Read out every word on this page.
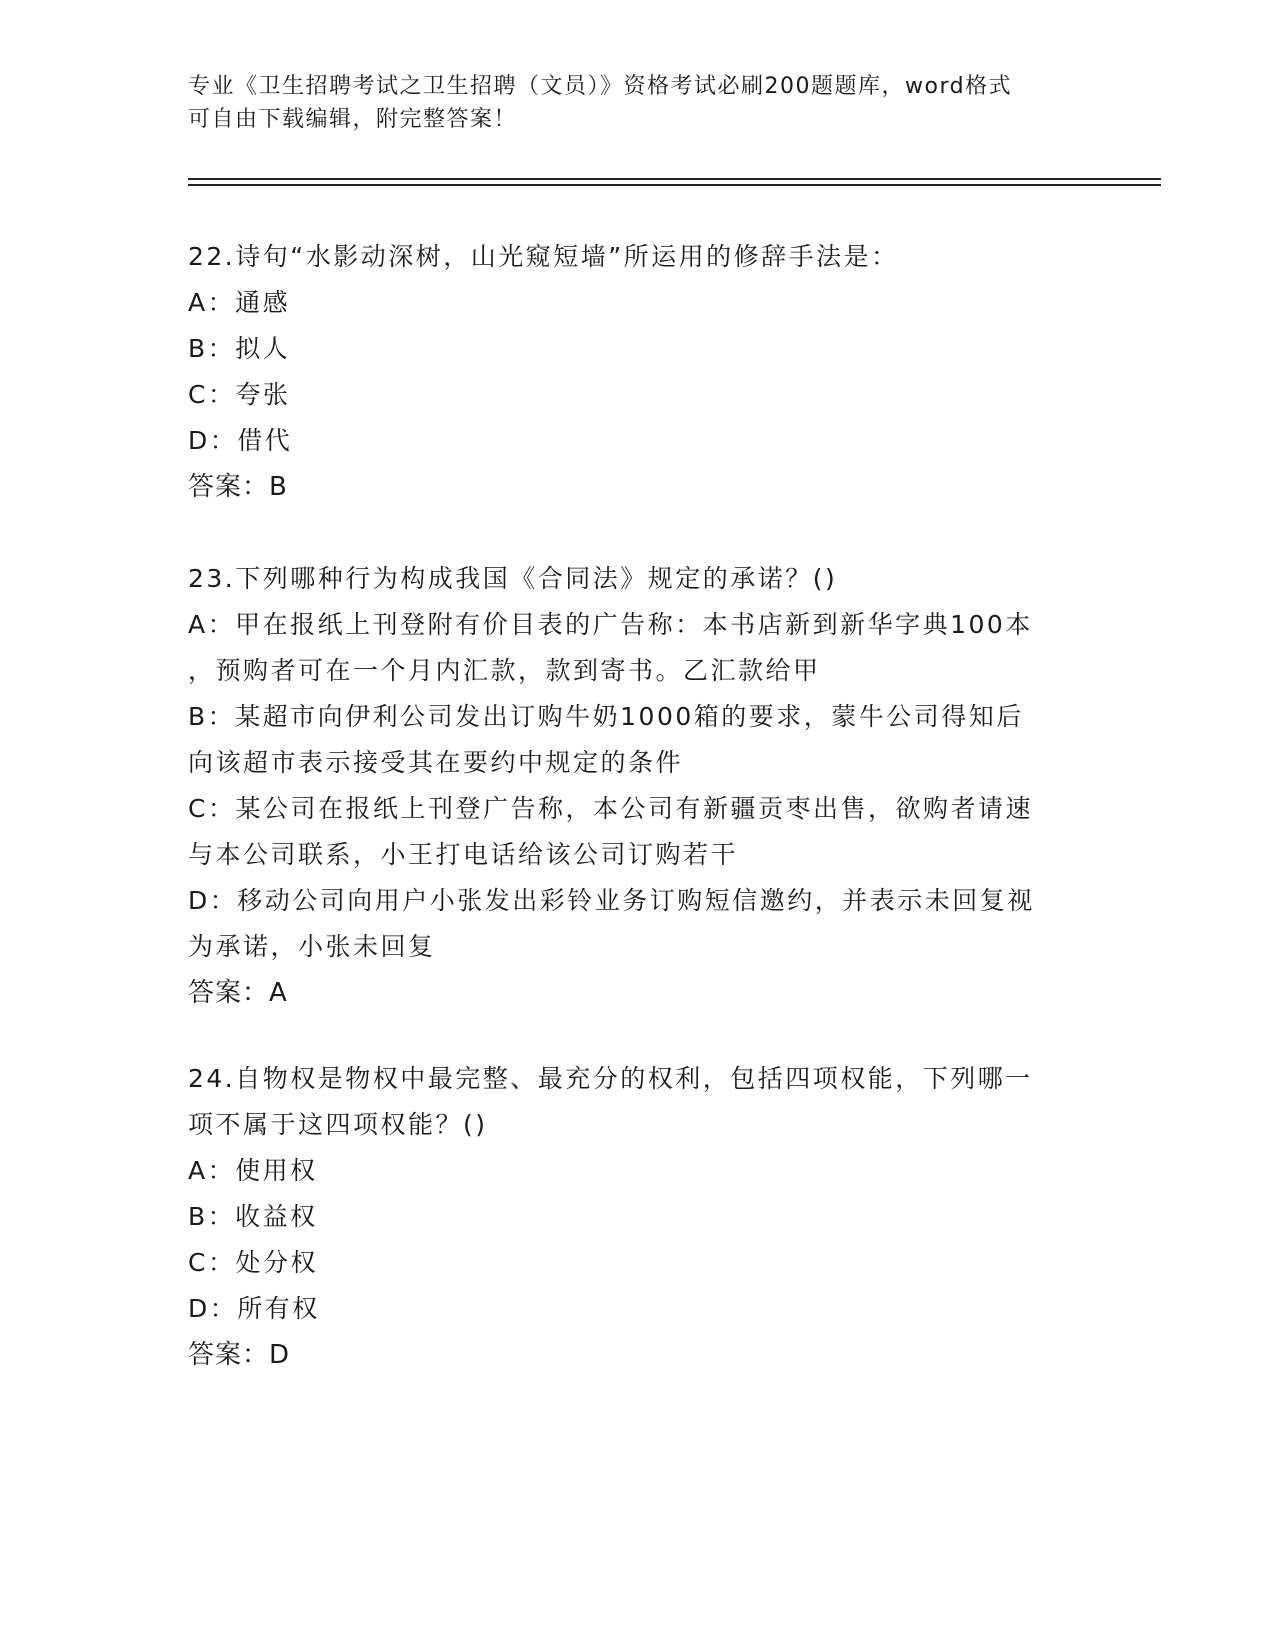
专业《卫生招聘考试之卫生招聘（文员）》资格考试必刷200题题库，word格式
可自由下载编辑，附完整答案！
22.诗句“水影动深树，山光窥短墙”所运用的修辞手法是：
A：通感
B：拟人
C：夸张
D：借代
答案：B
23.下列哪种行为构成我国《合同法》规定的承诺？()
A：甲在报纸上刊登附有价目表的广告称：本书店新到新华字典100本
，预购者可在一个月内汇款，款到寄书。乙汇款给甲
B：某超市向伊利公司发出订购牛奶1000箱的要求，蒙牛公司得知后
向该超市表示接受其在要约中规定的条件
C：某公司在报纸上刊登广告称，本公司有新疆贡枣出售，欲购者请速
与本公司联系，小王打电话给该公司订购若干
D：移动公司向用户小张发出彩铃业务订购短信邀约，并表示未回复视
为承诺，小张未回复
答案：A
24.自物权是物权中最完整、最充分的权利，包括四项权能，下列哪一
项不属于这四项权能？()
A：使用权
B：收益权
C：处分权
D：所有权
答案：D
